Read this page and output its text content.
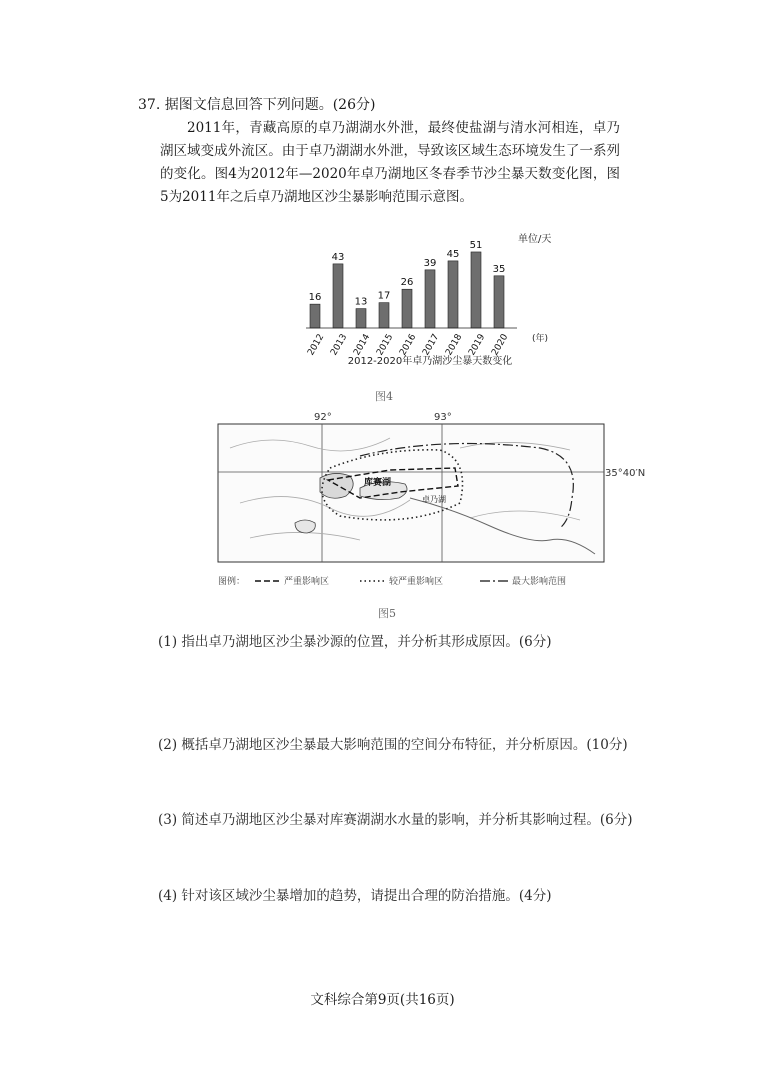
37. 据图文信息回答下列问题。(26分)
2011年，青藏高原的卓乃湖湖水外泄，最终使盐湖与清水河相连，卓乃湖区域变成外流区。由于卓乃湖湖水外泄，导致该区域生态环境发生了一系列的变化。图4为2012年—2020年卓乃湖地区冬春季节沙尘暴天数变化图，图5为2011年之后卓乃湖地区沙尘暴影响范围示意图。
单位/天
16
2012
43
2013
13
2014
17
2015
26
2016
39
2017
45
2018
51
2019
35
2020 (年)
2012-2020年卓乃湖沙尘暴天数变化
图4
92°	93°
35°40′N
库赛湖
卓乃湖
图例：	严重影响区	较严重影响区	最大影响范围
图5
(1) 指出卓乃湖地区沙尘暴沙源的位置，并分析其形成原因。(6分)
(2) 概括卓乃湖地区沙尘暴最大影响范围的空间分布特征，并分析原因。(10分)
(3) 简述卓乃湖地区沙尘暴对库赛湖湖水水量的影响，并分析其影响过程。(6分)
(4) 针对该区域沙尘暴增加的趋势，请提出合理的防治措施。(4分)
文科综合第9页(共16页)
